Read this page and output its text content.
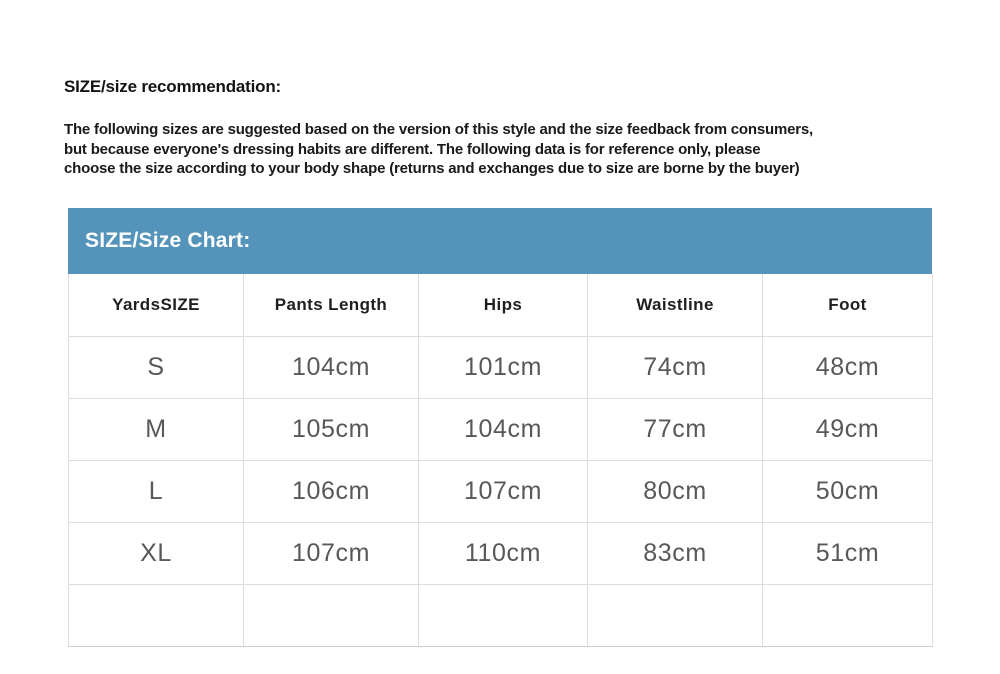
SIZE/size recommendation:
The following sizes are suggested based on the version of this style and the size feedback from consumers,
but because everyone's dressing habits are different. The following data is for reference only, please
choose the size according to your body shape (returns and exchanges due to size are borne by the buyer)
SIZE/Size Chart:
YardsSIZE	Pants Length	Hips	Waistline	Foot
S	104cm	101cm	74cm	48cm
M	105cm	104cm	77cm	49cm
L	106cm	107cm	80cm	50cm
XL	107cm	110cm	83cm	51cm
